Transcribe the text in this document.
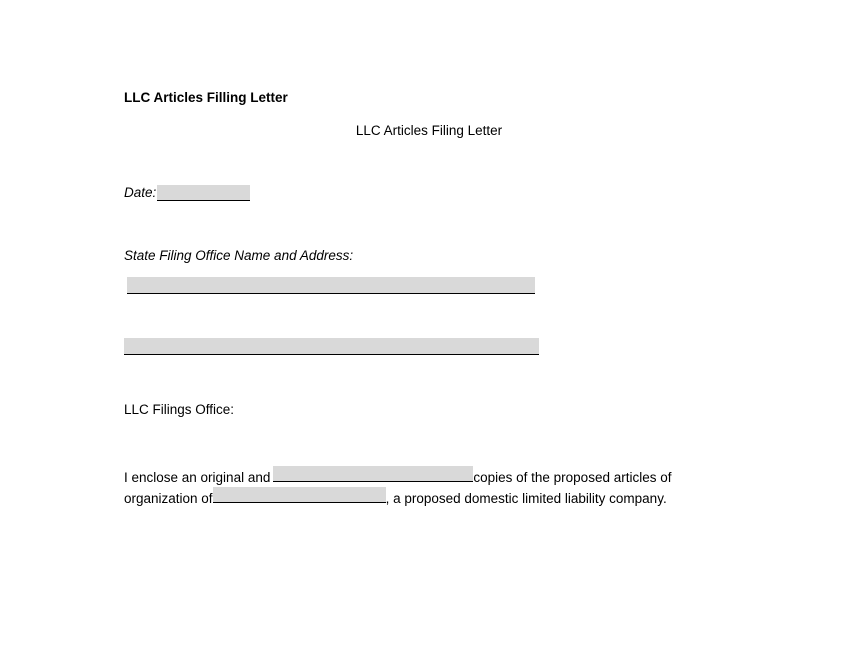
LLC Articles Filling Letter
LLC Articles Filing Letter
Date:
State Filing Office Name and Address:
LLC Filings Office:
I enclose an original and	copies of the proposed articles of
organization of	, a proposed domestic limited liability company.
